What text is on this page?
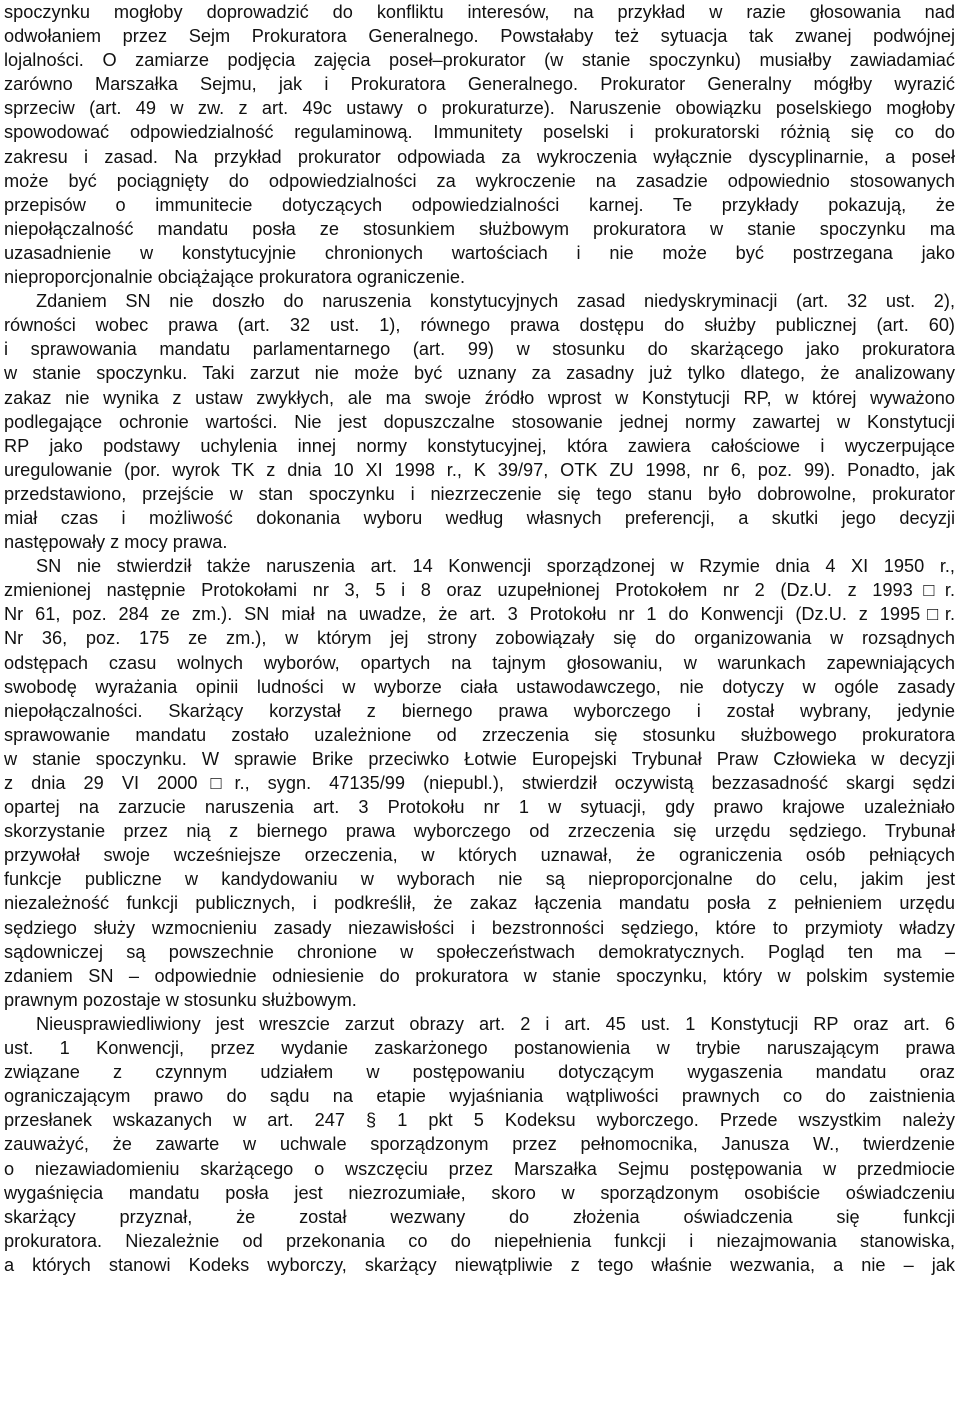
spoczynku mogłoby doprowadzić do konfliktu interesów, na przykład w razie głosowania nad
odwołaniem przez Sejm Prokuratora Generalnego. Powstałaby też sytuacja tak zwanej podwójnej
lojalności. O zamiarze podjęcia zajęcia poseł–prokurator (w stanie spoczynku) musiałby zawiadamiać
zarówno Marszałka Sejmu, jak i Prokuratora Generalnego. Prokurator Generalny mógłby wyrazić
sprzeciw (art. 49 w zw. z art. 49c ustawy o prokuraturze). Naruszenie obowiązku poselskiego mogłoby
spowodować odpowiedzialność regulaminową. Immunitety poselski i prokuratorski różnią się co do
zakresu i zasad. Na przykład prokurator odpowiada za wykroczenia wyłącznie dyscyplinarnie, a poseł
może być pociągnięty do odpowiedzialności za wykroczenie na zasadzie odpowiednio stosowanych
przepisów o immunitecie dotyczących odpowiedzialności karnej. Te przykłady pokazują, że
niepołączalność mandatu posła ze stosunkiem służbowym prokuratora w stanie spoczynku ma
uzasadnienie w konstytucyjnie chronionych wartościach i nie może być postrzegana jako
nieproporcjonalnie obciążające prokuratora ograniczenie.
Zdaniem SN nie doszło do naruszenia konstytucyjnych zasad niedyskryminacji (art. 32 ust. 2),
równości wobec prawa (art. 32 ust. 1), równego prawa dostępu do służby publicznej (art. 60)
i sprawowania mandatu parlamentarnego (art. 99) w stosunku do skarżącego jako prokuratora
w stanie spoczynku. Taki zarzut nie może być uznany za zasadny już tylko dlatego, że analizowany
zakaz nie wynika z ustaw zwykłych, ale ma swoje źródło wprost w Konstytucji RP, w której wyważono
podlegające ochronie wartości. Nie jest dopuszczalne stosowanie jednej normy zawartej w Konstytucji
RP jako podstawy uchylenia innej normy konstytucyjnej, która zawiera całościowe i wyczerpujące
uregulowanie (por. wyrok TK z dnia 10 XI 1998 r., K 39/97, OTK ZU 1998, nr 6, poz. 99). Ponadto, jak
przedstawiono, przejście w stan spoczynku i niezrzeczenie się tego stanu było dobrowolne, prokurator
miał czas i możliwość dokonania wyboru według własnych preferencji, a skutki jego decyzji
następowały z mocy prawa.
SN nie stwierdził także naruszenia art. 14 Konwencji sporządzonej w Rzymie dnia 4 XI 1950 r.,
zmienionej następnie Protokołami nr 3, 5 i 8 oraz uzupełnionej Protokołem nr 2 (Dz.U. z 1993□r.
Nr 61, poz. 284 ze zm.). SN miał na uwadze, że art. 3 Protokołu nr 1 do Konwencji (Dz.U. z 1995□r.
Nr 36, poz. 175 ze zm.), w którym jej strony zobowiązały się do organizowania w rozsądnych
odstępach czasu wolnych wyborów, opartych na tajnym głosowaniu, w warunkach zapewniających
swobodę wyrażania opinii ludności w wyborze ciała ustawodawczego, nie dotyczy w ogóle zasady
niepołączalności. Skarżący korzystał z biernego prawa wyborczego i został wybrany, jedynie
sprawowanie mandatu zostało uzależnione od zrzeczenia się stosunku służbowego prokuratora
w stanie spoczynku. W sprawie Brike przeciwko Łotwie Europejski Trybunał Praw Człowieka w decyzji
z dnia 29 VI 2000□r., sygn. 47135/99 (niepubl.), stwierdził oczywistą bezzasadność skargi sędzi
opartej na zarzucie naruszenia art. 3 Protokołu nr 1 w sytuacji, gdy prawo krajowe uzależniało
skorzystanie przez nią z biernego prawa wyborczego od zrzeczenia się urzędu sędziego. Trybunał
przywołał swoje wcześniejsze orzeczenia, w których uznawał, że ograniczenia osób pełniących
funkcje publiczne w kandydowaniu w wyborach nie są nieproporcjonalne do celu, jakim jest
niezależność funkcji publicznych, i podkreślił, że zakaz łączenia mandatu posła z pełnieniem urzędu
sędziego służy wzmocnieniu zasady niezawisłości i bezstronności sędziego, które to przymioty władzy
sądowniczej są powszechnie chronione w społeczeństwach demokratycznych. Pogląd ten ma –
zdaniem SN – odpowiednie odniesienie do prokuratora w stanie spoczynku, który w polskim systemie
prawnym pozostaje w stosunku służbowym.
Nieusprawiedliwiony jest wreszcie zarzut obrazy art. 2 i art. 45 ust. 1 Konstytucji RP oraz art. 6
ust. 1 Konwencji, przez wydanie zaskarżonego postanowienia w trybie naruszającym prawa
związane z czynnym udziałem w postępowaniu dotyczącym wygaszenia mandatu oraz
ograniczającym prawo do sądu na etapie wyjaśniania wątpliwości prawnych co do zaistnienia
przesłanek wskazanych w art. 247 § 1 pkt 5 Kodeksu wyborczego. Przede wszystkim należy
zauważyć, że zawarte w uchwale sporządzonym przez pełnomocnika, Janusza W., twierdzenie
o niezawiadomieniu skarżącego o wszczęciu przez Marszałka Sejmu postępowania w przedmiocie
wygaśnięcia mandatu posła jest niezrozumiałe, skoro w sporządzonym osobiście oświadczeniu
skarżący przyznał, że został wezwany do złożenia oświadczenia się funkcji
prokuratora. Niezależnie od przekonania co do niepełnienia funkcji i niezajmowania stanowiska,
a których stanowi Kodeks wyborczy, skarżący niewątpliwie z tego właśnie wezwania, a nie – jak
